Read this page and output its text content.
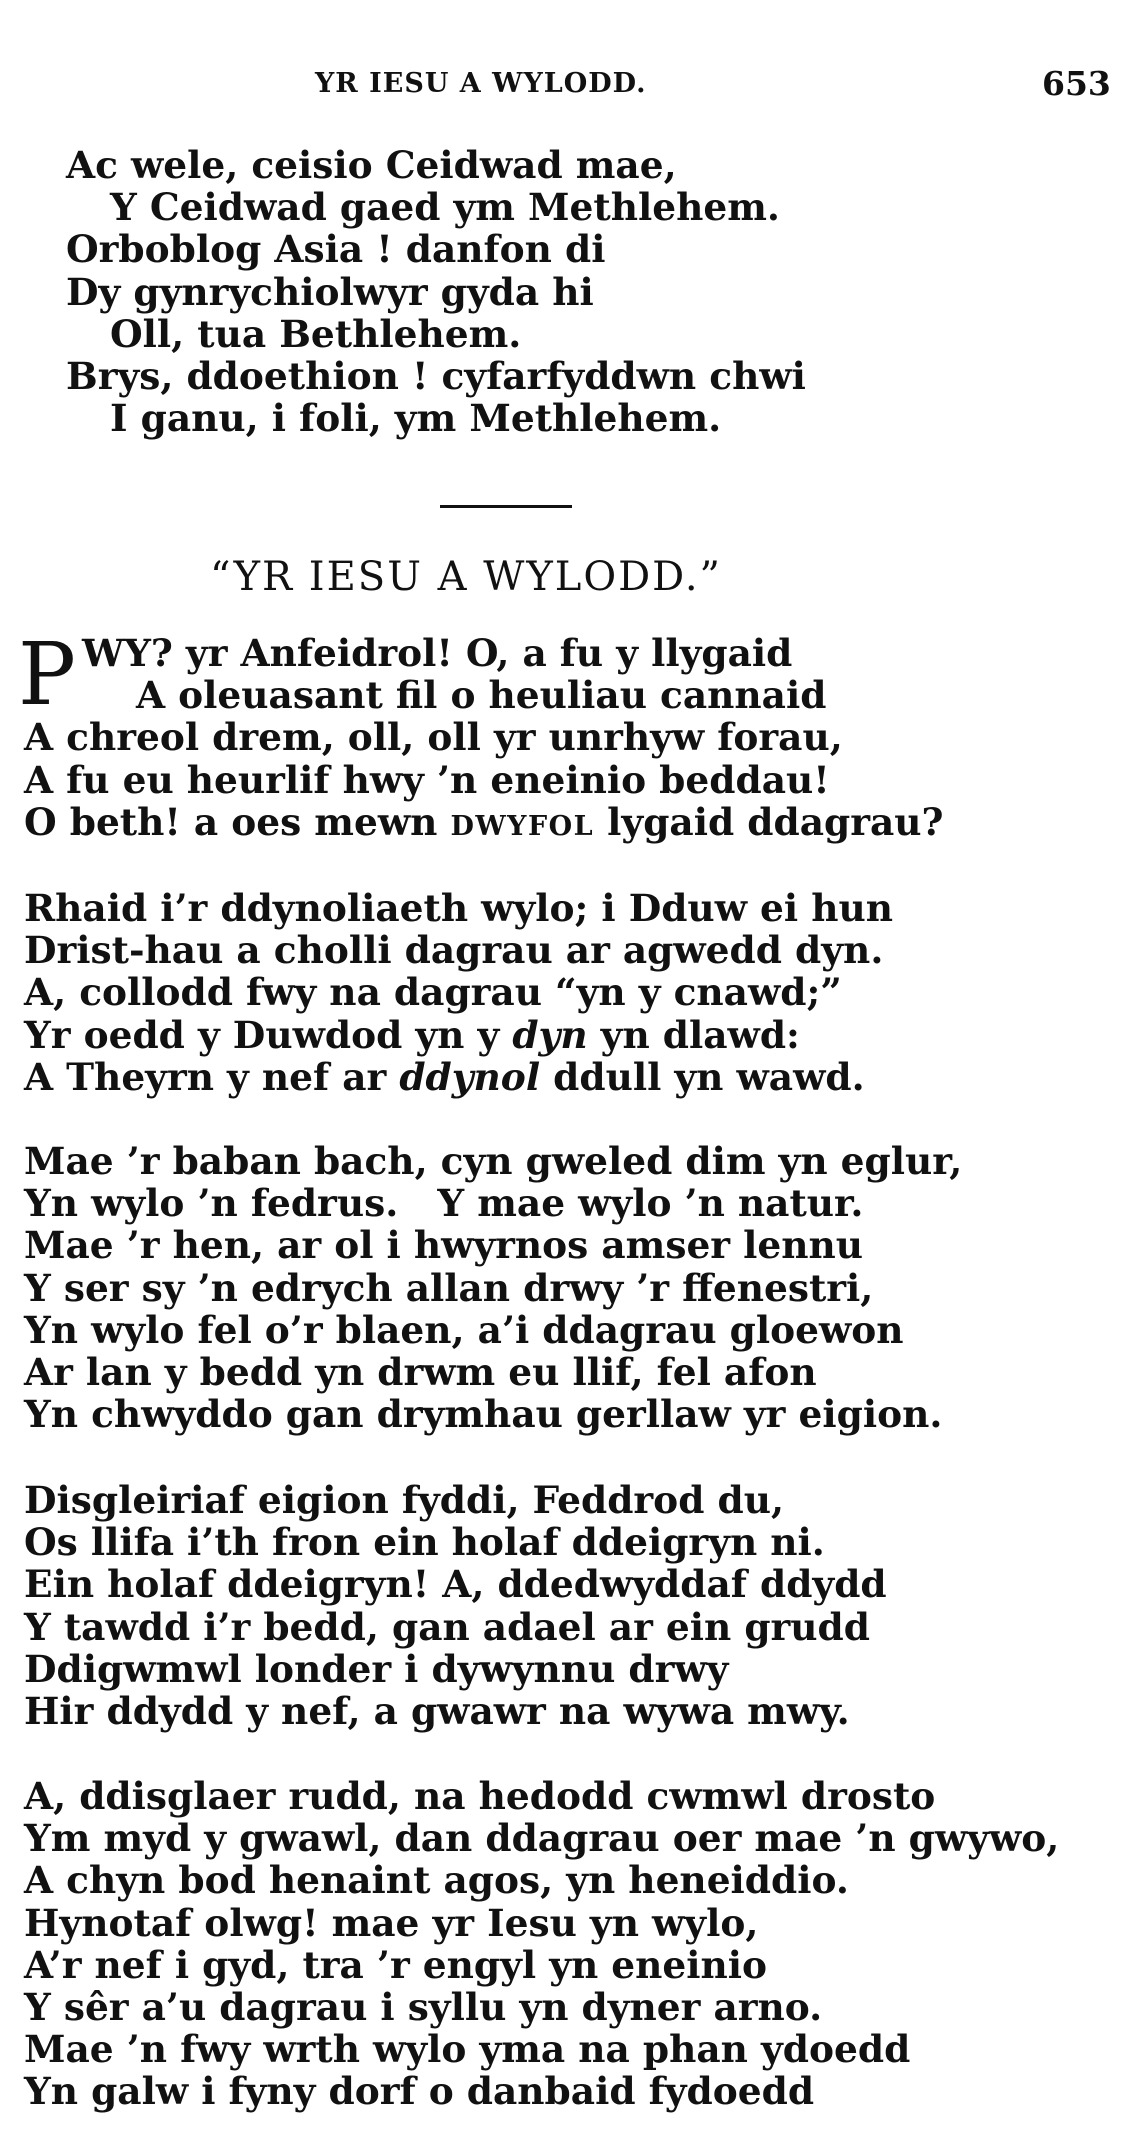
YR IESU A WYLODD.	653
Ac wele, ceisio Ceidwad mae,
Y Ceidwad gaed ym Methlehem.
Orboblog Asia ! danfon di
Dy gynrychiolwyr gyda hi
Oll, tua Bethlehem.
Brys, ddoethion ! cyfarfyddwn chwi
I ganu, i foli, ym Methlehem.
“YR IESU A WYLODD.”
P WY? yr Anfeidrol! O, a fu y llygaid
A oleuasant fil o heuliau cannaid
A chreol drem, oll, oll yr unrhyw forau,
A fu eu heurlif hwy ’n eneinio beddau!
O beth! a oes mewn DWYFOL lygaid ddagrau?
Rhaid i’r ddynoliaeth wylo; i Dduw ei hun
Drist-hau a cholli dagrau ar agwedd dyn.
A, collodd fwy na dagrau “yn y cnawd;”
Yr oedd y Duwdod yn y dyn yn dlawd:
A Theyrn y nef ar ddynol ddull yn wawd.
Mae ’r baban bach, cyn gweled dim yn eglur,
Yn wylo ’n fedrus.   Y mae wylo ’n natur.
Mae ’r hen, ar ol i hwyrnos amser lennu
Y ser sy ’n edrych allan drwy ’r ffenestri,
Yn wylo fel o’r blaen, a’i ddagrau gloewon
Ar lan y bedd yn drwm eu llif, fel afon
Yn chwyddo gan drymhau gerllaw yr eigion.
Disgleiriaf eigion fyddi, Feddrod du,
Os llifa i’th fron ein holaf ddeigryn ni.
Ein holaf ddeigryn! A, ddedwyddaf ddydd
Y tawdd i’r bedd, gan adael ar ein grudd
Ddigwmwl londer i dywynnu drwy
Hir ddydd y nef, a gwawr na wywa mwy.
A, ddisglaer rudd, na hedodd cwmwl drosto
Ym myd y gwawl, dan ddagrau oer mae ’n gwywo,
A chyn bod henaint agos, yn heneiddio.
Hynotaf olwg! mae yr Iesu yn wylo,
A’r nef i gyd, tra ’r engyl yn eneinio
Y sêr a’u dagrau i syllu yn dyner arno.
Mae ’n fwy wrth wylo yma na phan ydoedd
Yn galw i fyny dorf o danbaid fydoedd
